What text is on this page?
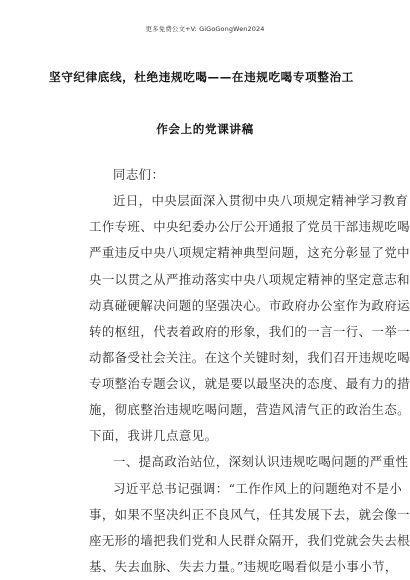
更多免费公文+V: GiGoGongWen2024
坚守纪律底线，杜绝违规吃喝——在违规吃喝专项整治工
作会上的党课讲稿
同志们：
近日，中央层面深入贯彻中央八项规定精神学习教育
工作专班、中央纪委办公厅公开通报了党员干部违规吃喝
严重违反中央八项规定精神典型问题，这充分彰显了党中
央一以贯之从严推动落实中央八项规定精神的坚定意志和
动真碰硬解决问题的坚强决心。市政府办公室作为政府运
转的枢纽，代表着政府的形象，我们的一言一行、一举一
动都备受社会关注。在这个关键时刻，我们召开违规吃喝
专项整治专题会议，就是要以最坚决的态度、最有力的措
施，彻底整治违规吃喝问题，营造风清气正的政治生态。
下面，我讲几点意见。
一、提高政治站位，深刻认识违规吃喝问题的严重性
习近平总书记强调：“工作作风上的问题绝对不是小
事，如果不坚决纠正不良风气，任其发展下去，就会像一
座无形的墙把我们党和人民群众隔开，我们党就会失去根
基、失去血脉、失去力量。”违规吃喝看似是小事小节，
